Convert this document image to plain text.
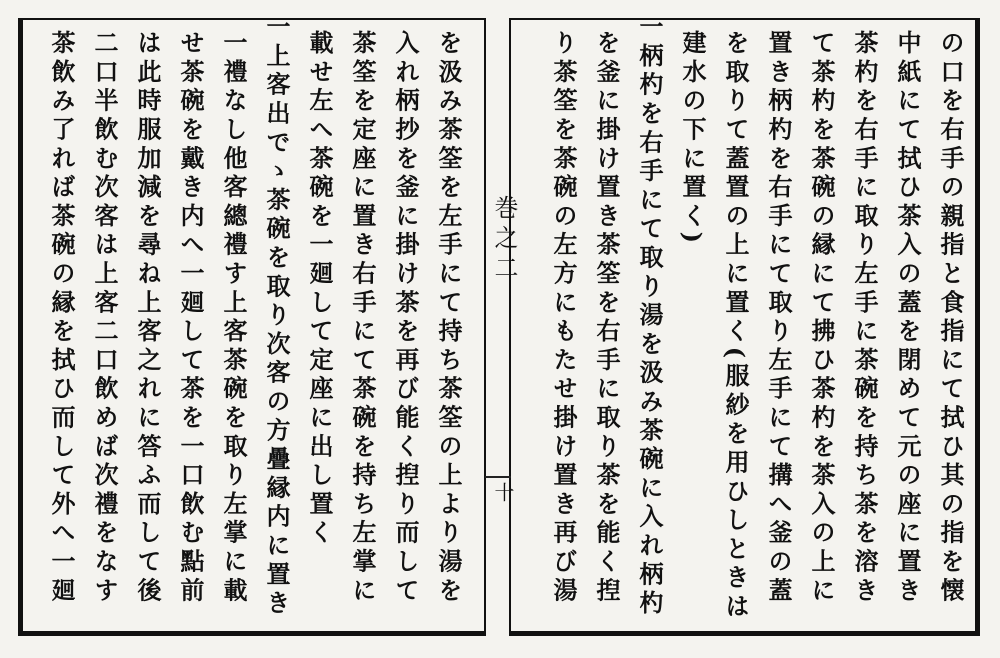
巻之二
十	の口を右手の親指と食指にて拭ひ其の指を懐
中紙にて拭ひ茶入の蓋を閉めて元の座に置き
茶杓を右手に取り左手に茶碗を持ち茶を溶き
て茶杓を茶碗の縁にて拂ひ茶杓を茶入の上に
置き柄杓を右手にて取り左手にて搆へ釜の蓋
を取りて蓋置の上に置く(服紗を用ひしときは
建水の下に置く)
一柄杓を右手にて取り湯を汲み茶碗に入れ柄杓
を釜に掛け置き茶筌を右手に取り茶を能く揑
り茶筌を茶碗の左方にもたせ掛け置き再び湯
を汲み茶筌を左手にて持ち茶筌の上より湯を
入れ柄抄を釜に掛け茶を再び能く揑り而して
茶筌を定座に置き右手にて茶碗を持ち左掌に
載せ左へ茶碗を一廻して定座に出し置く
一上客出でゝ茶碗を取り次客の方疊縁内に置き
一禮なし他客總禮す上客茶碗を取り左掌に載
せ茶碗を戴き内へ一廻して茶を一口飲む點前
は此時服加減を尋ね上客之れに答ふ而して後
二口半飲む次客は上客二口飲めば次禮をなす
茶飲み了れば茶碗の縁を拭ひ而して外へ一廻
